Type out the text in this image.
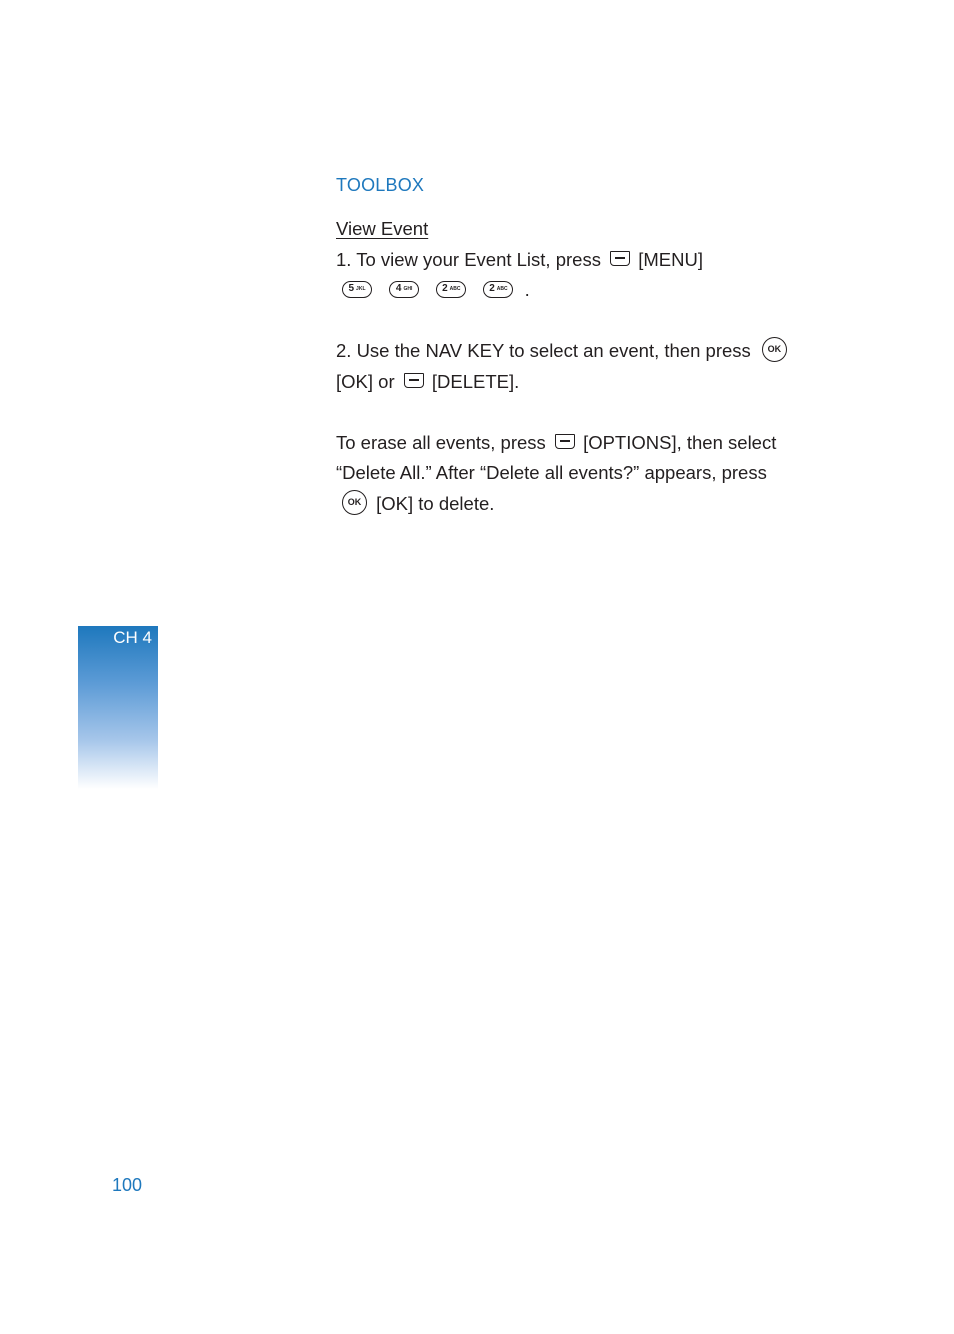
TOOLBOX
View Event
1. To view your Event List, press [MENU]
5 JKL
	4 GHI
	2 ABC
	2 ABC .
2. Use the NAV KEY to select an event, then press OK
[OK] or [DELETE].
To erase all events, press [OPTIONS], then select
“Delete All.” After “Delete all events?” appears, press
OK [OK] to delete.
CH 4
100
